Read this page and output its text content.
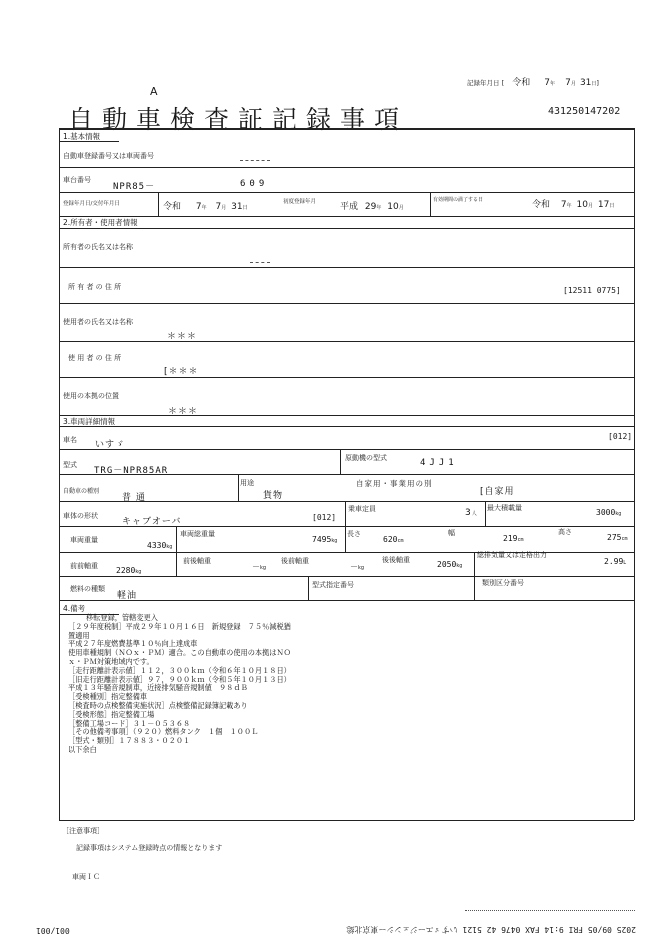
A
自動車検査証記録事項
記録年月日 [ 令和 7年 7月 31日]
431250147202
1.基本情報
自動車登録番号又は車両番号
車台番号
NPR85－	609
登録年月日/交付年月日	令和 7年 7月 31日
初度登録年月	平成 29年 10月
有効期間の満了する日	令和 7年 10月 17日
2.所有者・使用者情報
所有者の氏名又は名称
所 有 者 の 住 所	[12511 0775]
使用者の氏名又は名称
＊＊＊
使 用 者 の 住 所
[＊＊＊
使用の本拠の位置
＊＊＊
3.車両詳細情報
車名 いすゞ
[012]
型式
TRG－NPR85AR
原動機の型式	4JJ1
自動車の種別
普 通
用途
貨物
自家用・事業用の別
[自家用
車体の形状
キャブオーバ	[012]
乗車定員	3人
最大積載量	3000kg
車両重量
4330kg
車両総重量
7495kg
長さ
620cm
幅
219cm
高さ
275cm
前前軸重 2280kg
前後軸重
－kg
後前軸重
－kg
後後軸重	2050kg
総排気量又は定格出力
2.99L
燃料の種類
軽油
型式指定番号	類別区分番号
4.備考
移転登録，管轄変更入
［２９年度税制］平成２９年１０月１６日　新規登録　７５％減税猶
置適用
平成２７年度燃費基準１０％向上達成車
使用車種規制（ＮＯｘ・ＰＭ）適合。この自動車の使用の本拠はＮＯ
ｘ・ＰＭ対策地域内です。
［走行距離計表示値］１１２，３００ｋｍ（令和６年１０月１８日）
［旧走行距離計表示値］９７，９００ｋｍ（令和５年１０月１３日）
平成１３年騒音規制車，近接排気騒音規制値　９８ｄＢ
［受検種別］指定整備車
［検査時の点検整備実施状況］点検整備記録簿記載あり
［受検形態］指定整備工場
［整備工場コード］３１－０５３６８
［その他備考事項］（９２０）燃料タンク　１個　１００Ｌ
［型式・類別］１７８８３・０２０１
以下余白
［注意事項］
記録事項はシステム登録時点の情報となります
車両ＩＣ
2025 09/05 FRI 9:14 FAX 0476 42 5121 いすゞエージェンシー東京北総
001/001
